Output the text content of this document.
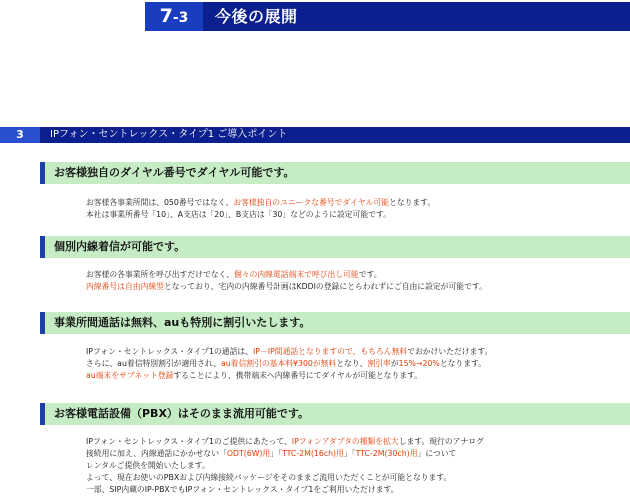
7-3	今後の展開
3	IPフォン・セントレックス・タイプ1 ご導入ポイント
お客様独自のダイヤル番号でダイヤル可能です。
お客様各事業所間は、050番号ではなく、お客様独自のユニークな番号でダイヤル可能となります。
本社は事業所番号「10」、A支店は「20」、B支店は「30」などのように設定可能です。
個別内線着信が可能です。
お客様の各事業所を呼び出すだけでなく、個々の内線電話端末で呼び出し可能です。
内線番号は自由内線型となっており、宅内の内線番号計画はKDDIの登録にとらわれずにご自由に設定が可能です。
事業所間通話は無料、auも特別に割引いたします。
IPフォン・セントレックス・タイプ1の通話は、IP－IP間通話となりますので、もちろん無料でおかけいただけます。
さらに、au着信特別割引が適用され、au着信割引の基本料¥300が無料となり、割引率が15%→20%となります。
au端末をサブネット登録することにより、携帯端末へ内線番号にてダイヤルが可能となります。
お客様電話設備（PBX）はそのまま流用可能です。
IPフォン・セントレックス・タイプ1のご提供にあたって、IPフォンアダプタの種類を拡大します。現行のアナログ
接続用に加え、内線通話にかかせない「ODT(6W)用」「TTC-2M(16ch)用」「TTC-2M(30ch)用」について
レンタルご提供を開始いたします。
よって、現在お使いのPBXおよび内線接続パッケージをそのままご流用いただくことが可能となります。
一部、SIP内蔵のIP-PBXでもIPフォン・セントレックス・タイプ1をご利用いただけます。
